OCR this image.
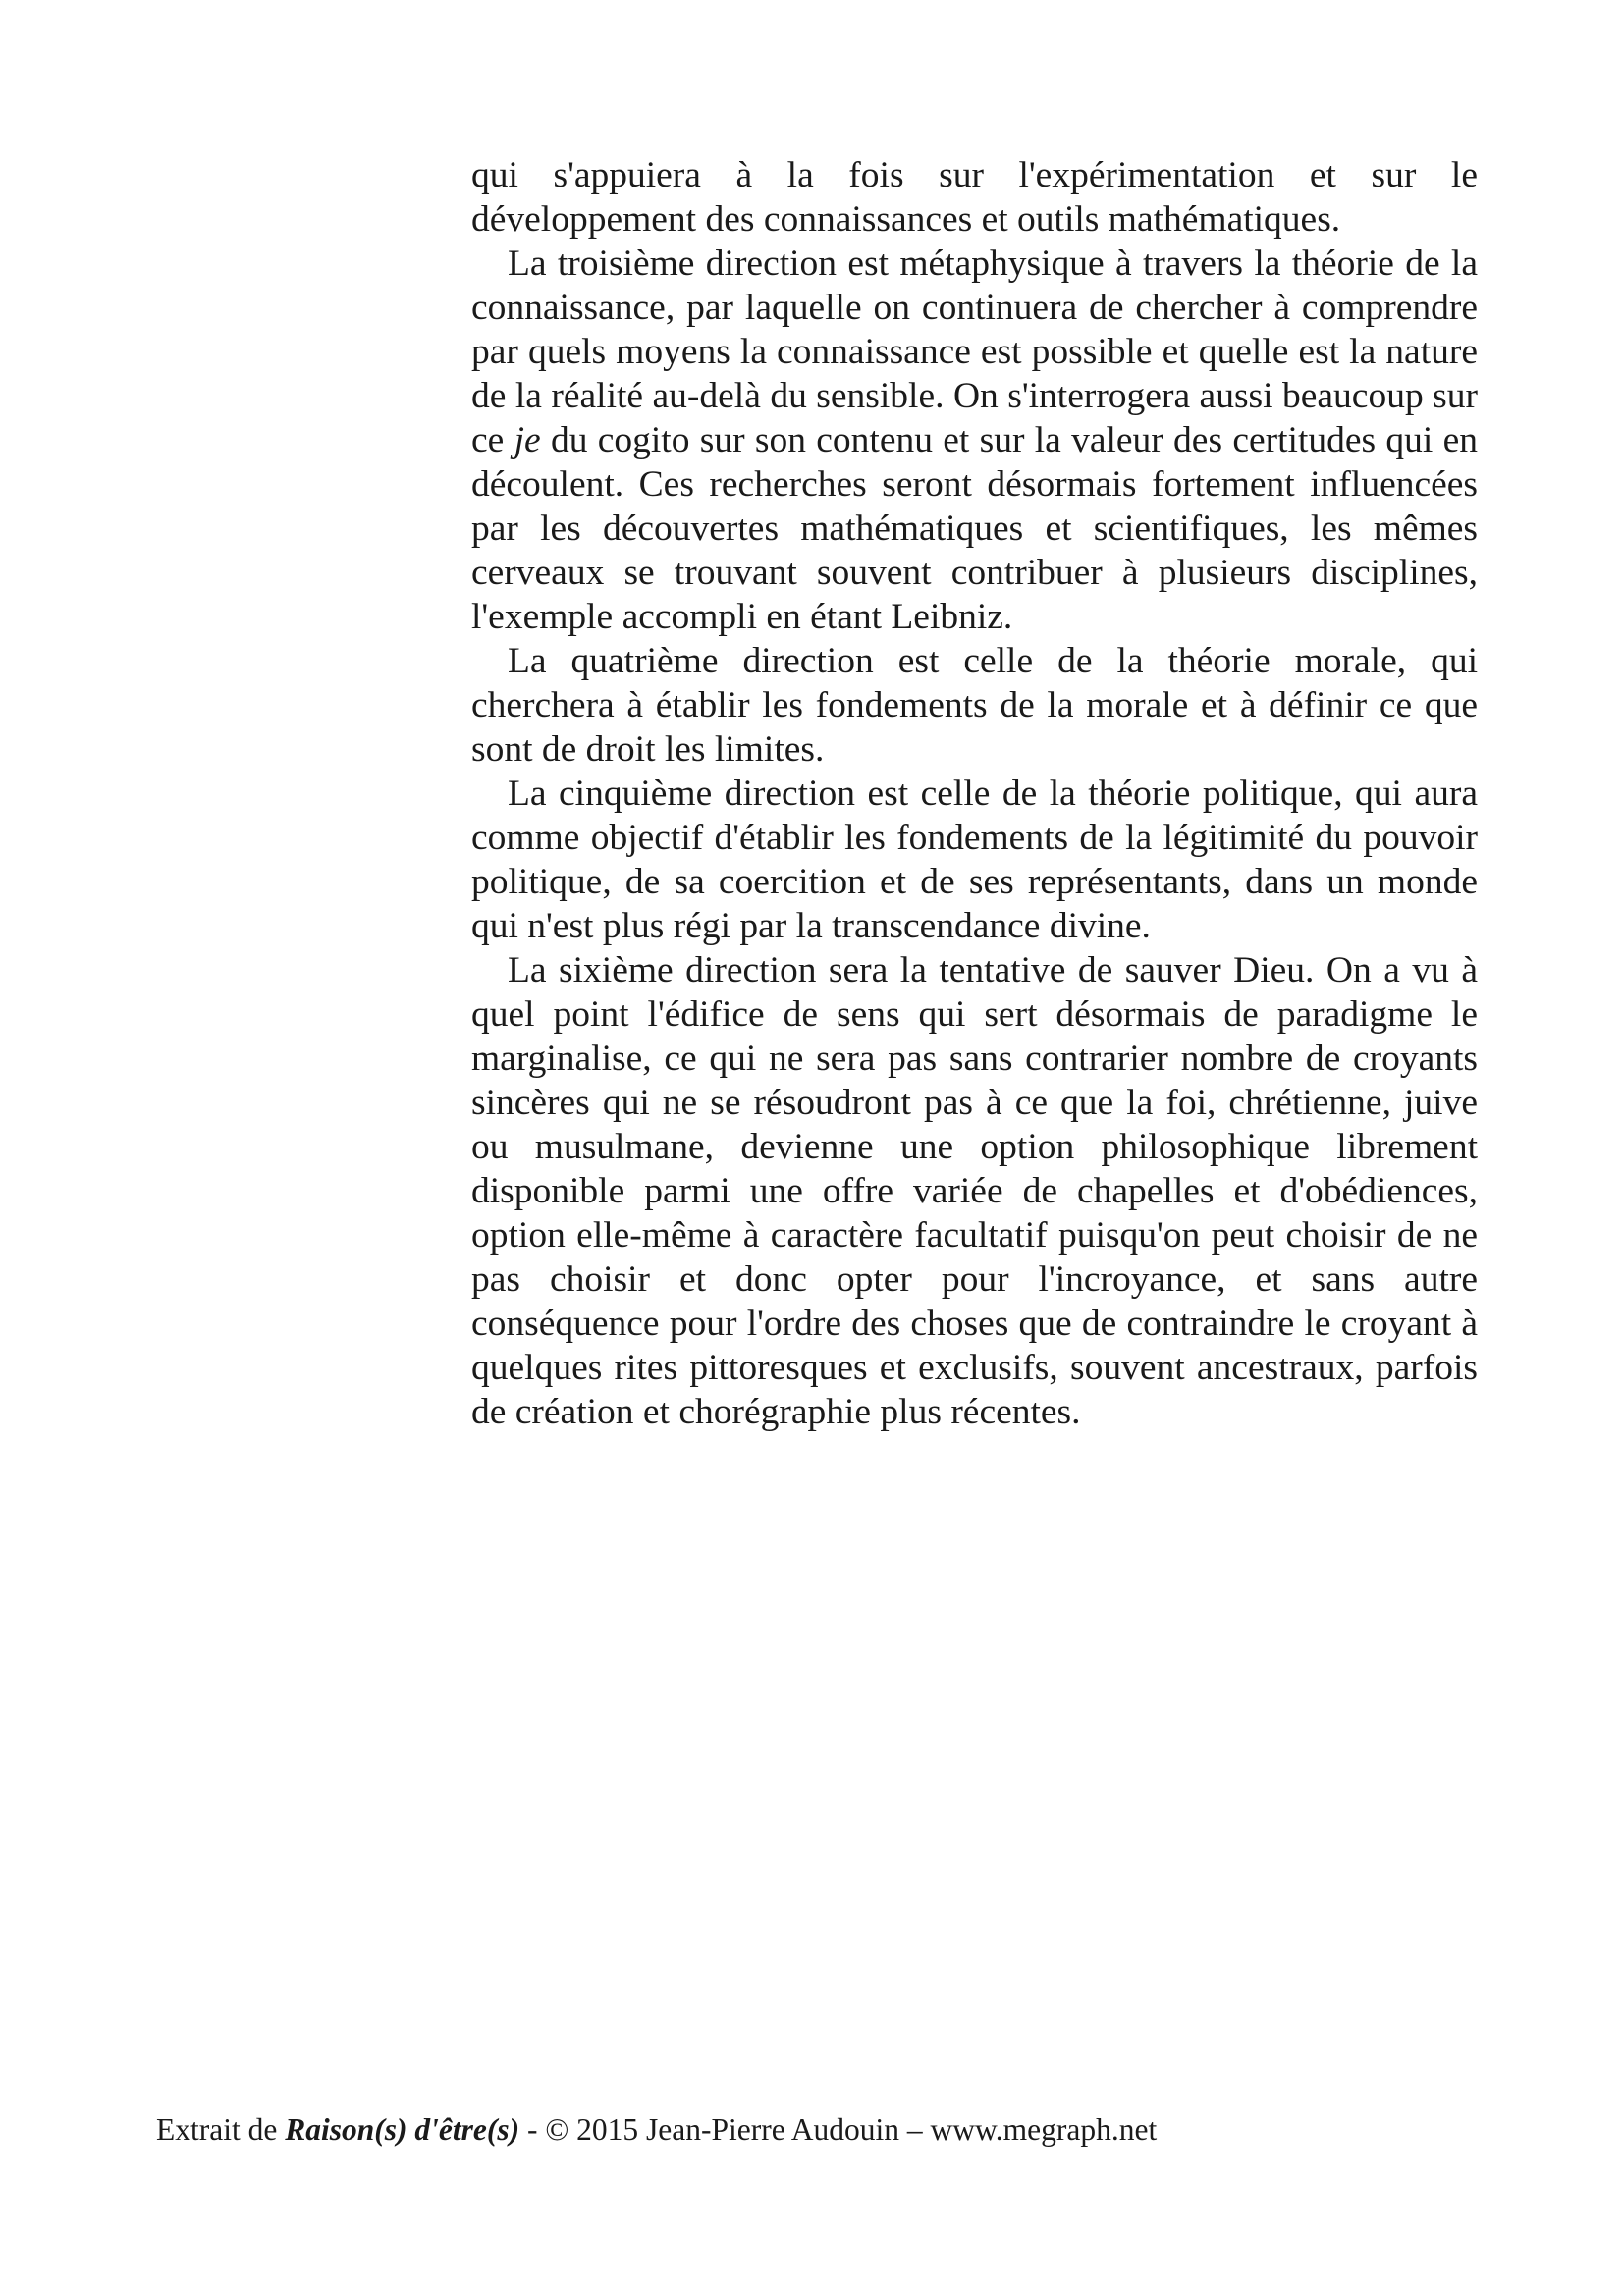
qui s'appuiera à la fois sur l'expérimentation et sur le développement des connaissances et outils mathématiques.

La troisième direction est métaphysique à travers la théorie de la connaissance, par laquelle on continuera de chercher à comprendre par quels moyens la connaissance est possible et quelle est la nature de la réalité au-delà du sensible. On s'interrogera aussi beaucoup sur ce je du cogito sur son contenu et sur la valeur des certitudes qui en découlent. Ces recherches seront désormais fortement influencées par les découvertes mathématiques et scientifiques, les mêmes cerveaux se trouvant souvent contribuer à plusieurs disciplines, l'exemple accompli en étant Leibniz.

La quatrième direction est celle de la théorie morale, qui cherchera à établir les fondements de la morale et à définir ce que sont de droit les limites.

La cinquième direction est celle de la théorie politique, qui aura comme objectif d'établir les fondements de la légitimité du pouvoir politique, de sa coercition et de ses représentants, dans un monde qui n'est plus régi par la transcendance divine.

La sixième direction sera la tentative de sauver Dieu. On a vu à quel point l'édifice de sens qui sert désormais de paradigme le marginalise, ce qui ne sera pas sans contrarier nombre de croyants sincères qui ne se résoudront pas à ce que la foi, chrétienne, juive ou musulmane, devienne une option philosophique librement disponible parmi une offre variée de chapelles et d'obédiences, option elle-même à caractère facultatif puisqu'on peut choisir de ne pas choisir et donc opter pour l'incroyance, et sans autre conséquence pour l'ordre des choses que de contraindre le croyant à quelques rites pittoresques et exclusifs, souvent ancestraux, parfois de création et chorégraphie plus récentes.

Extrait de Raison(s) d'être(s) - © 2015 Jean-Pierre Audouin – www.megraph.net
